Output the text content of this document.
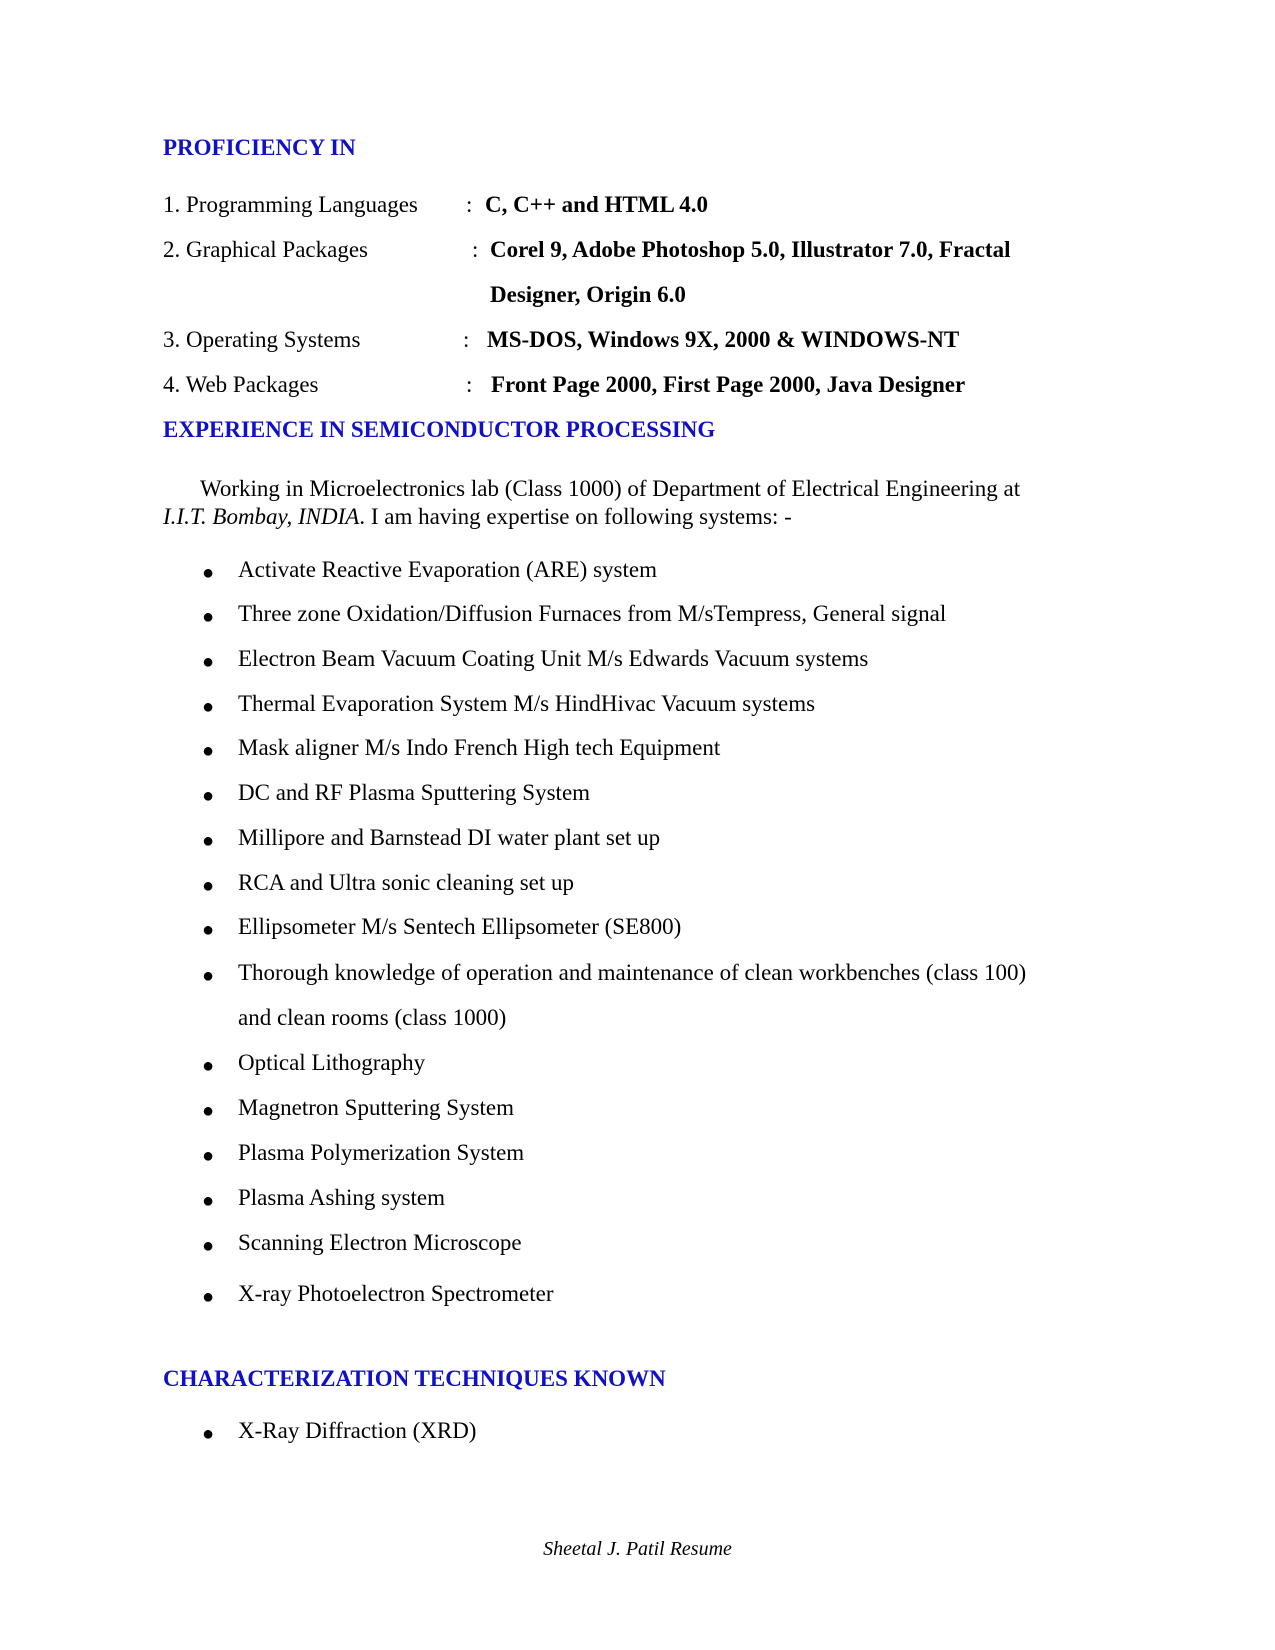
PROFICIENCY IN
1. Programming Languages : C, C++ and HTML 4.0
2. Graphical Packages	: Corel 9, Adobe Photoshop 5.0, Illustrator 7.0, Fractal
Designer, Origin 6.0
3. Operating Systems	: MS-DOS, Windows 9X, 2000 & WINDOWS-NT
4. Web Packages	: Front Page 2000, First Page 2000, Java Designer
EXPERIENCE IN SEMICONDUCTOR PROCESSING
Working in Microelectronics lab (Class 1000) of Department of Electrical Engineering at
I.I.T. Bombay, INDIA. I am having expertise on following systems: -
● Activate Reactive Evaporation (ARE) system
● Three zone Oxidation/Diffusion Furnaces from M/sTempress, General signal
● Electron Beam Vacuum Coating Unit M/s Edwards Vacuum systems
● Thermal Evaporation System M/s HindHivac Vacuum systems
● Mask aligner M/s Indo French High tech Equipment
● DC and RF Plasma Sputtering System
● Millipore and Barnstead DI water plant set up
● RCA and Ultra sonic cleaning set up
● Ellipsometer M/s Sentech Ellipsometer (SE800)
● Thorough knowledge of operation and maintenance of clean workbenches (class 100)
and clean rooms (class 1000)
● Optical Lithography
● Magnetron Sputtering System
● Plasma Polymerization System
● Plasma Ashing system
● Scanning Electron Microscope
● X-ray Photoelectron Spectrometer
CHARACTERIZATION TECHNIQUES KNOWN
● X-Ray Diffraction (XRD)
Sheetal J. Patil Resume
